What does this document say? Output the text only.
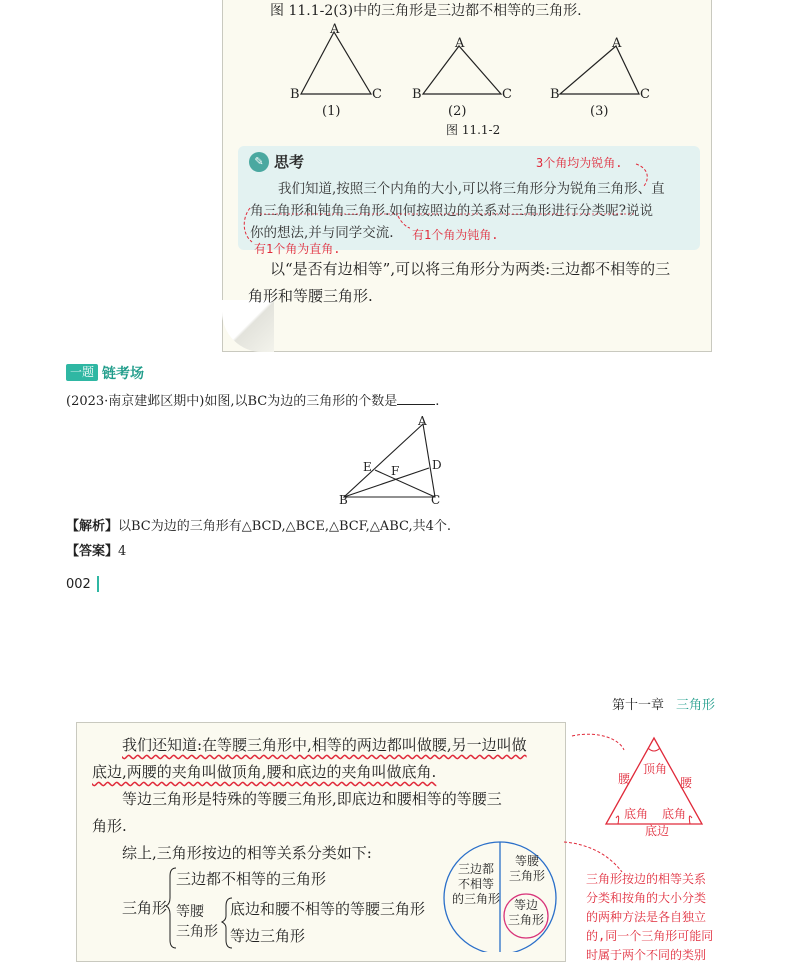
图 11.1-2(3)中的三角形是三边都不相等的三角形.
A
B	C
A
B	C
A
B	C
(1)	(2)	(3)
图 11.1-2
✎ 思考	3个角均为锐角.
我们知道,按照三个内角的大小,可以将三角形分为锐角三角形、直
角三角形和钝角三角形.如何按照边的关系对三角形进行分类呢?说说
你的想法,并与同学交流.	有1个角为钝角.
有1个角为直角.
以“是否有边相等”,可以将三角形分为两类:三边都不相等的三
角形和等腰三角形.
一题 链考场
(2023·南京建邺区期中)如图,以BC为边的三角形的个数是	.
A
E F	D
B	C
【解析】以BC为边的三角形有△BCD,△BCE,△BCF,△ABC,共4个.
【答案】4
002
第十一章 三角形
我们还知道:在等腰三角形中,相等的两边都叫做腰,另一边叫做
底边,两腰的夹角叫做顶角,腰和底边的夹角叫做底角.
等边三角形是特殊的等腰三角形,即底边和腰相等的等腰三
角形.
综上,三角形按边的相等关系分类如下:
三角形
三边都不相等的三角形
等腰
三角形
底边和腰不相等的等腰三角形
等边三角形
三边都
不相等
的三角形
等腰
三角形
等边
三角形
顶角
腰	腰
底角 底角
底边
三角形按边的相等关系
分类和按角的大小分类
的两种方法是各自独立
的,同一个三角形可能同
时属于两个不同的类别
